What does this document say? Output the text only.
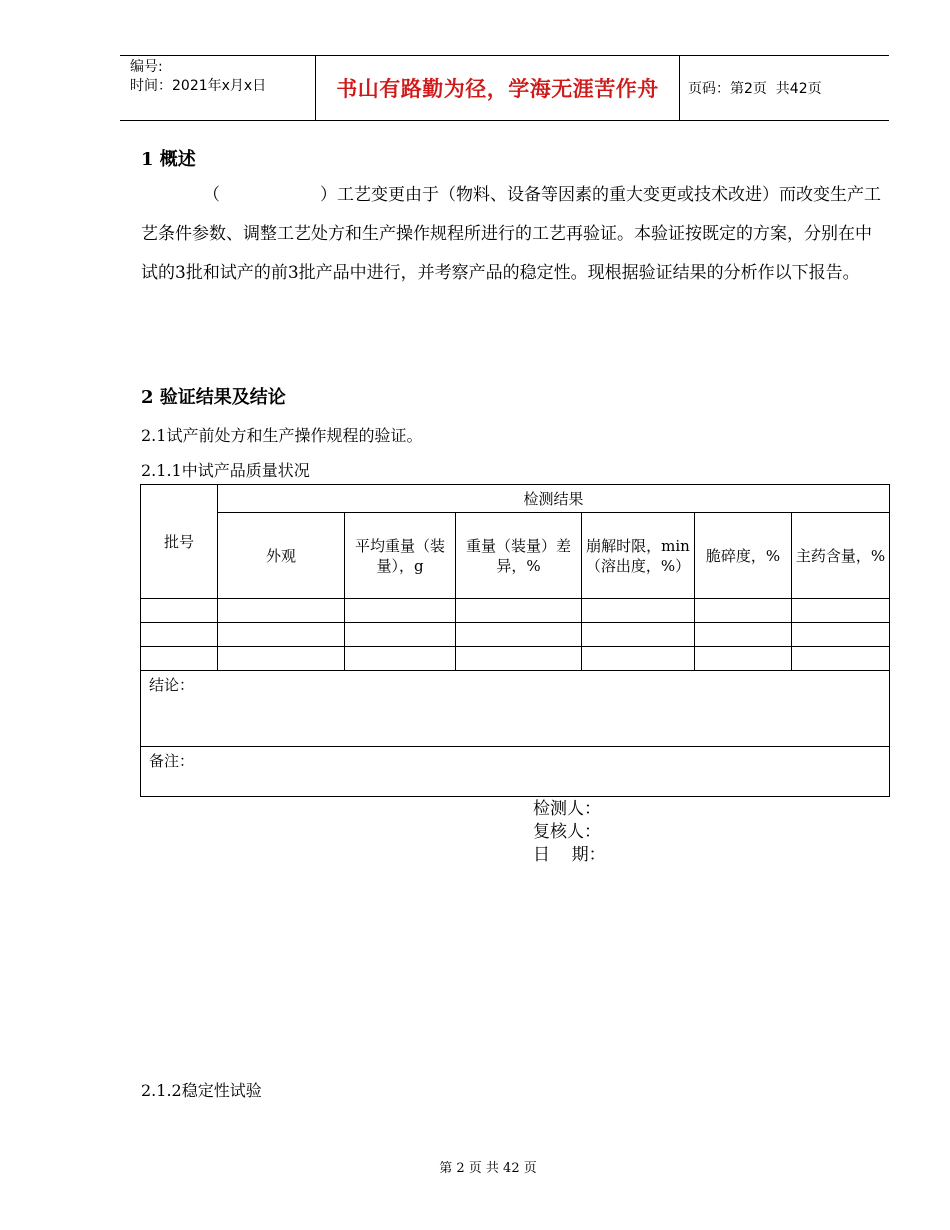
编号:
时间：2021年x月x日	书山有路勤为径，学海无涯苦作舟	页码：第2页  共42页
1 概述
（	）工艺变更由于（物料、设备等因素的重大变更或技术改进）而改变生产工艺条件参数、调整工艺处方和生产操作规程所进行的工艺再验证。本验证按既定的方案，分别在中试的3批和试产的前3批产品中进行，并考察产品的稳定性。现根据验证结果的分析作以下报告。
2 验证结果及结论
2.1试产前处方和生产操作规程的验证。
2.1.1中试产品质量状况
批号	检测结果					
	外观	平均重量（装量），g	重量（装量）差异，%	崩解时限，min（溶出度，%）	脆碎度，%	主药含量，%

结论：						
备注：						
检测人：
复核人：
日    期：
2.1.2稳定性试验
第 2 页 共 42 页
